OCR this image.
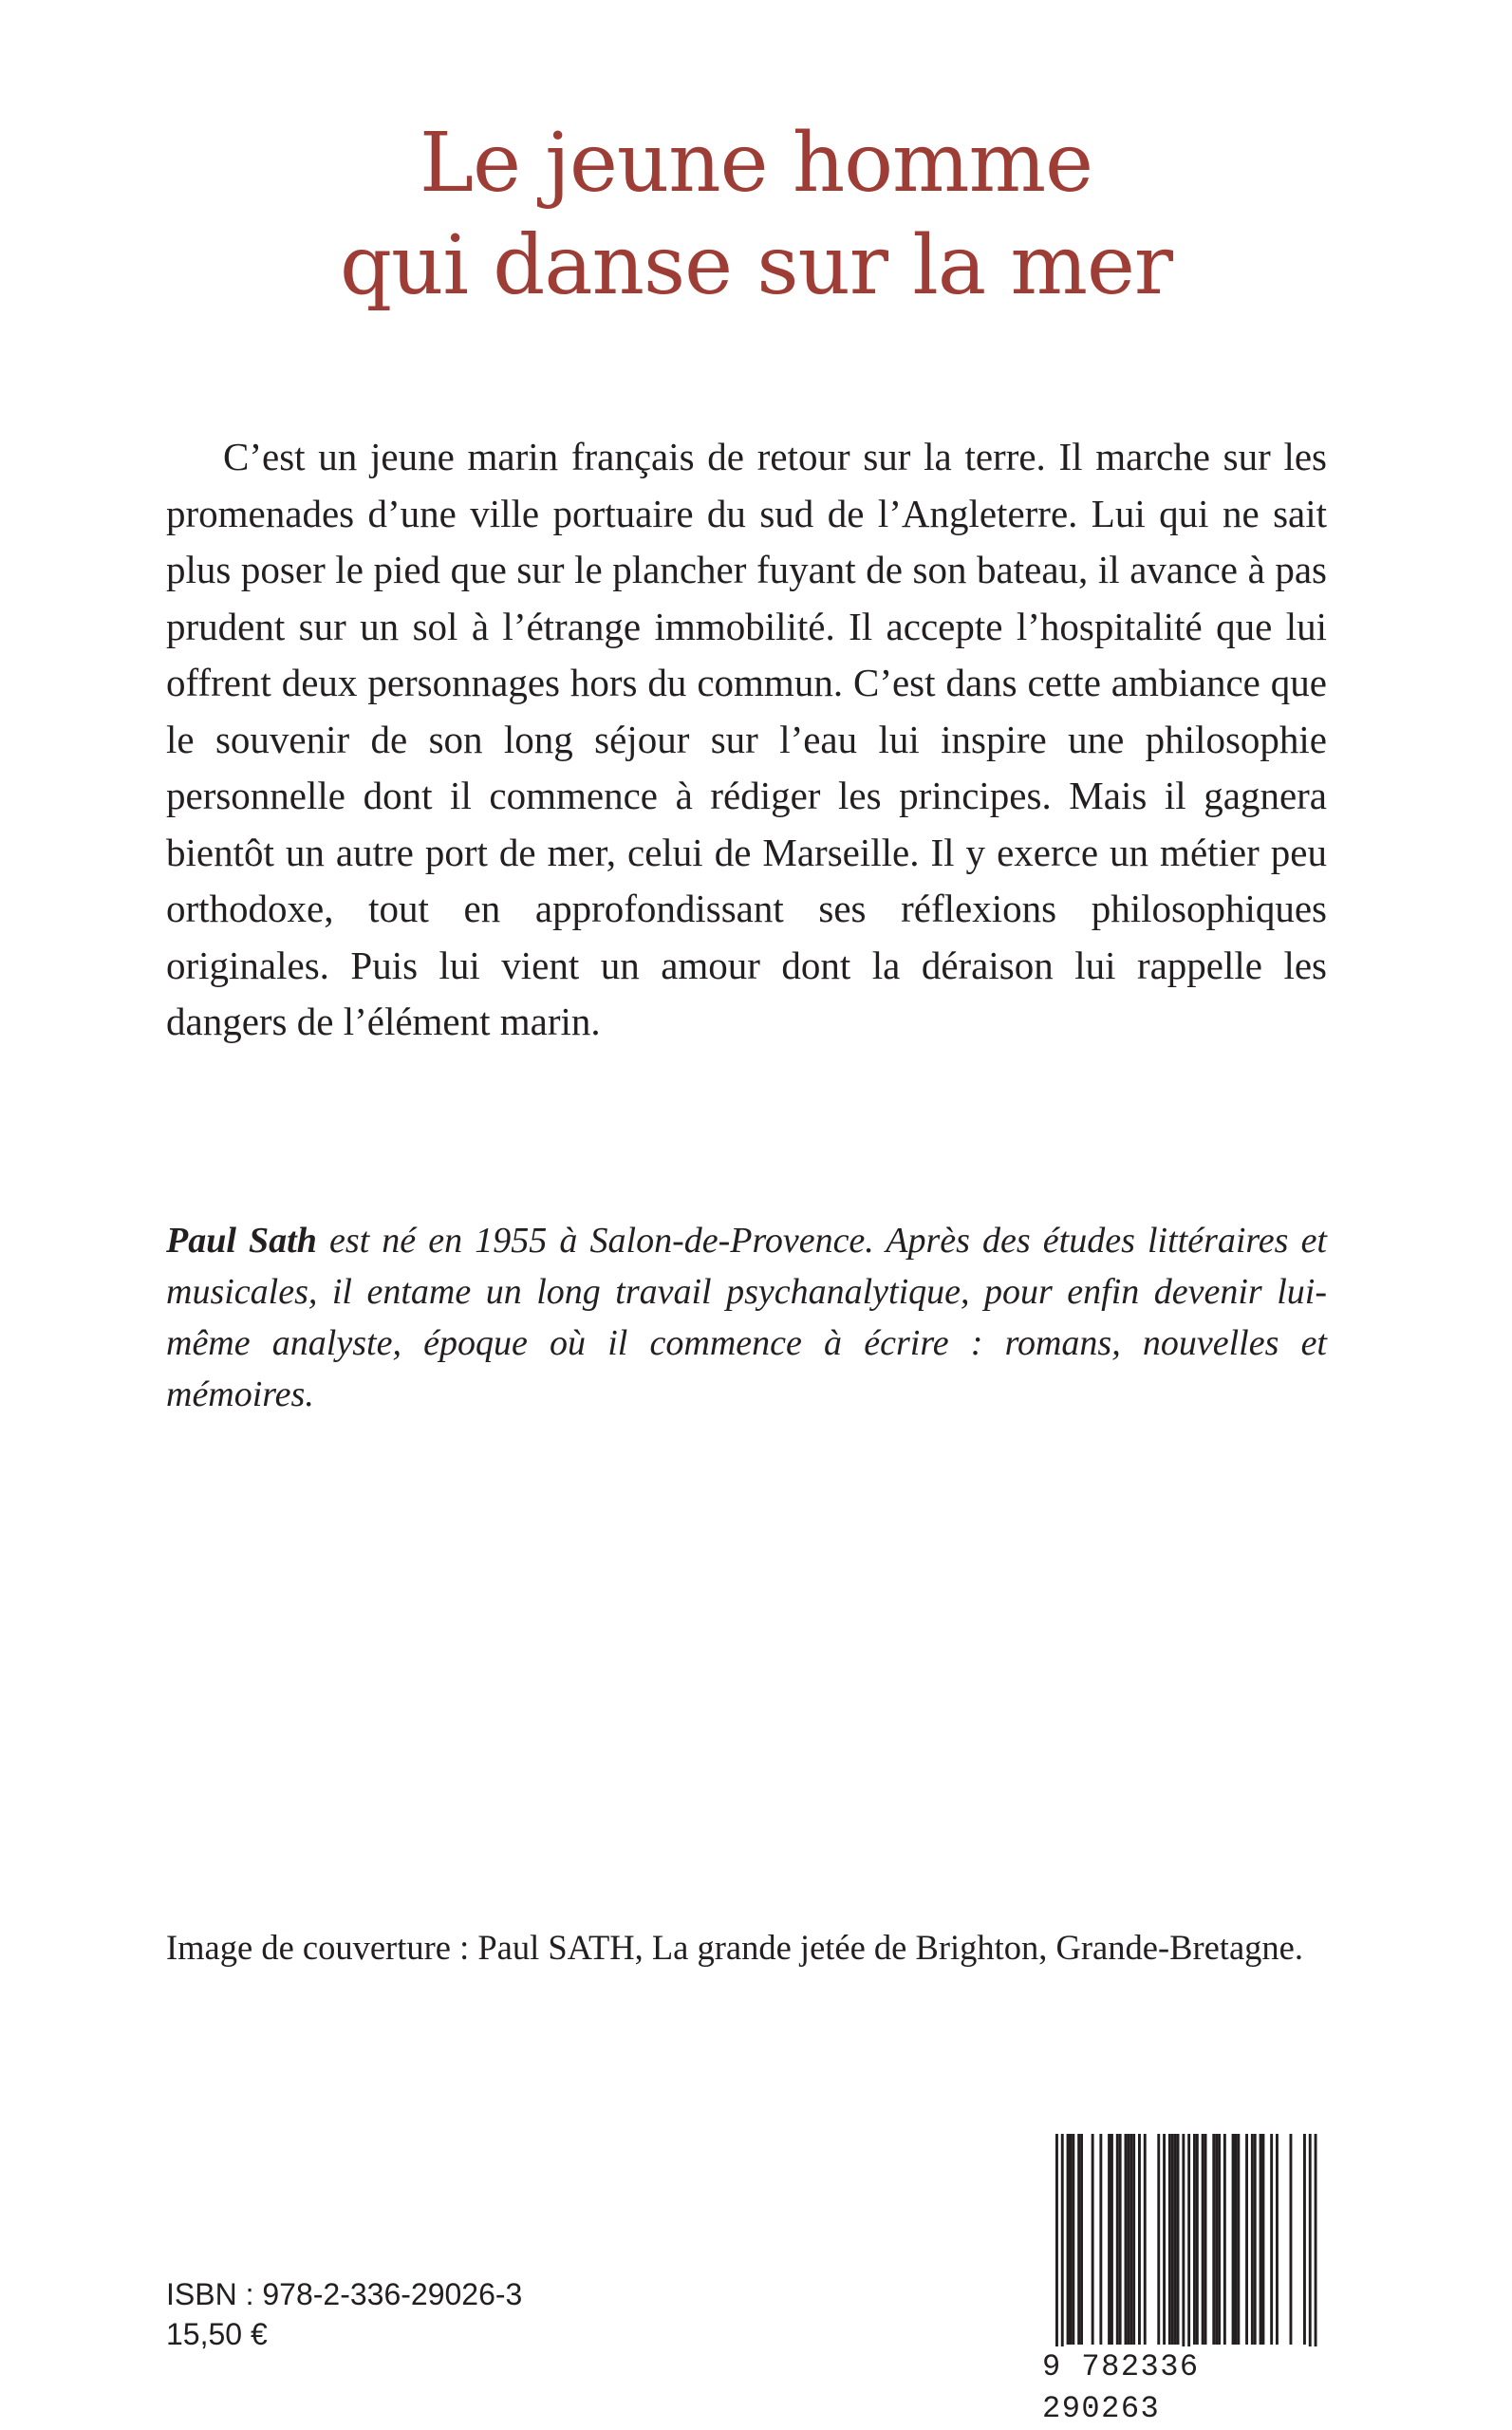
Le jeune homme
qui danse sur la mer

C’est un jeune marin français de retour sur la terre. Il marche sur les promenades d’une ville portuaire du sud de l’Angleterre. Lui qui ne sait plus poser le pied que sur le plancher fuyant de son bateau, il avance à pas prudent sur un sol à l’étrange immobilité. Il accepte l’hospitalité que lui offrent deux personnages hors du commun. C’est dans cette ambiance que le souvenir de son long séjour sur l’eau lui inspire une philosophie personnelle dont il commence à rédiger les principes. Mais il gagnera bientôt un autre port de mer, celui de Marseille. Il y exerce un métier peu orthodoxe, tout en approfondissant ses réflexions philosophiques originales. Puis lui vient un amour dont la déraison lui rappelle les dangers de l’élément marin.

Paul Sath est né en 1955 à Salon-de-Provence. Après des études littéraires et musicales, il entame un long travail psychanalytique, pour enfin devenir lui-même analyste, époque où il commence à écrire : romans, nouvelles et mémoires.

Image de couverture : Paul SATH, La grande jetée de Brighton, Grande-Bretagne.

ISBN : 978-2-336-29026-3
15,50 €
9 782336 290263
